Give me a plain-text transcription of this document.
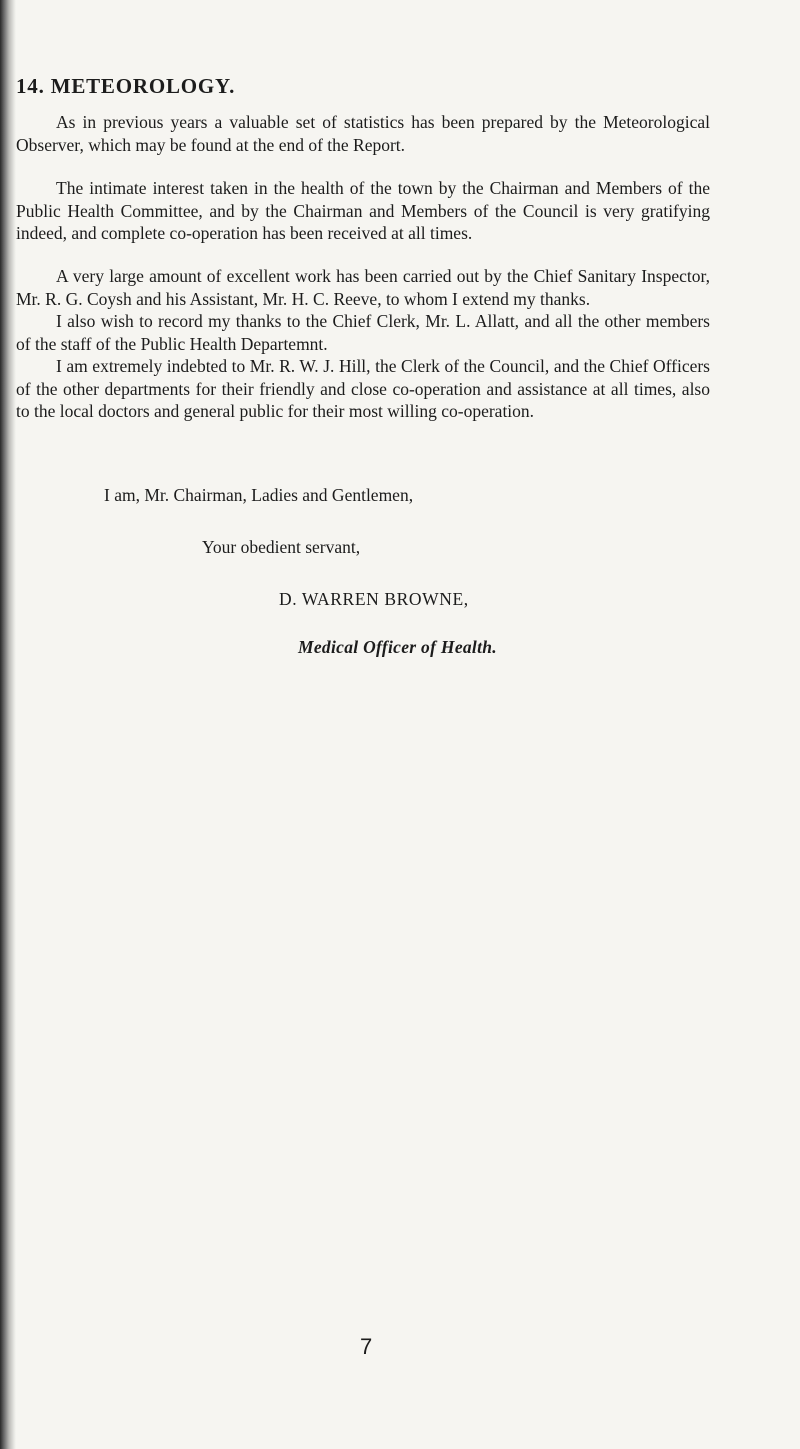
14. METEOROLOGY.

As in previous years a valuable set of statistics has been prepared by the Meteorological Observer, which may be found at the end of the Report.

The intimate interest taken in the health of the town by the Chairman and Members of the Public Health Committee, and by the Chairman and Members of the Council is very gratifying indeed, and complete co-operation has been received at all times.

A very large amount of excellent work has been carried out by the Chief Sanitary Inspector, Mr. R. G. Coysh and his Assistant, Mr. H. C. Reeve, to whom I extend my thanks.

I also wish to record my thanks to the Chief Clerk, Mr. L. Allatt, and all the other members of the staff of the Public Health Departemnt.

I am extremely indebted to Mr. R. W. J. Hill, the Clerk of the Council, and the Chief Officers of the other departments for their friendly and close co-operation and assistance at all times, also to the local doctors and general public for their most willing co-operation.

I am, Mr. Chairman, Ladies and Gentlemen,

Your obedient servant,

D. WARREN BROWNE,

Medical Officer of Health.

7
